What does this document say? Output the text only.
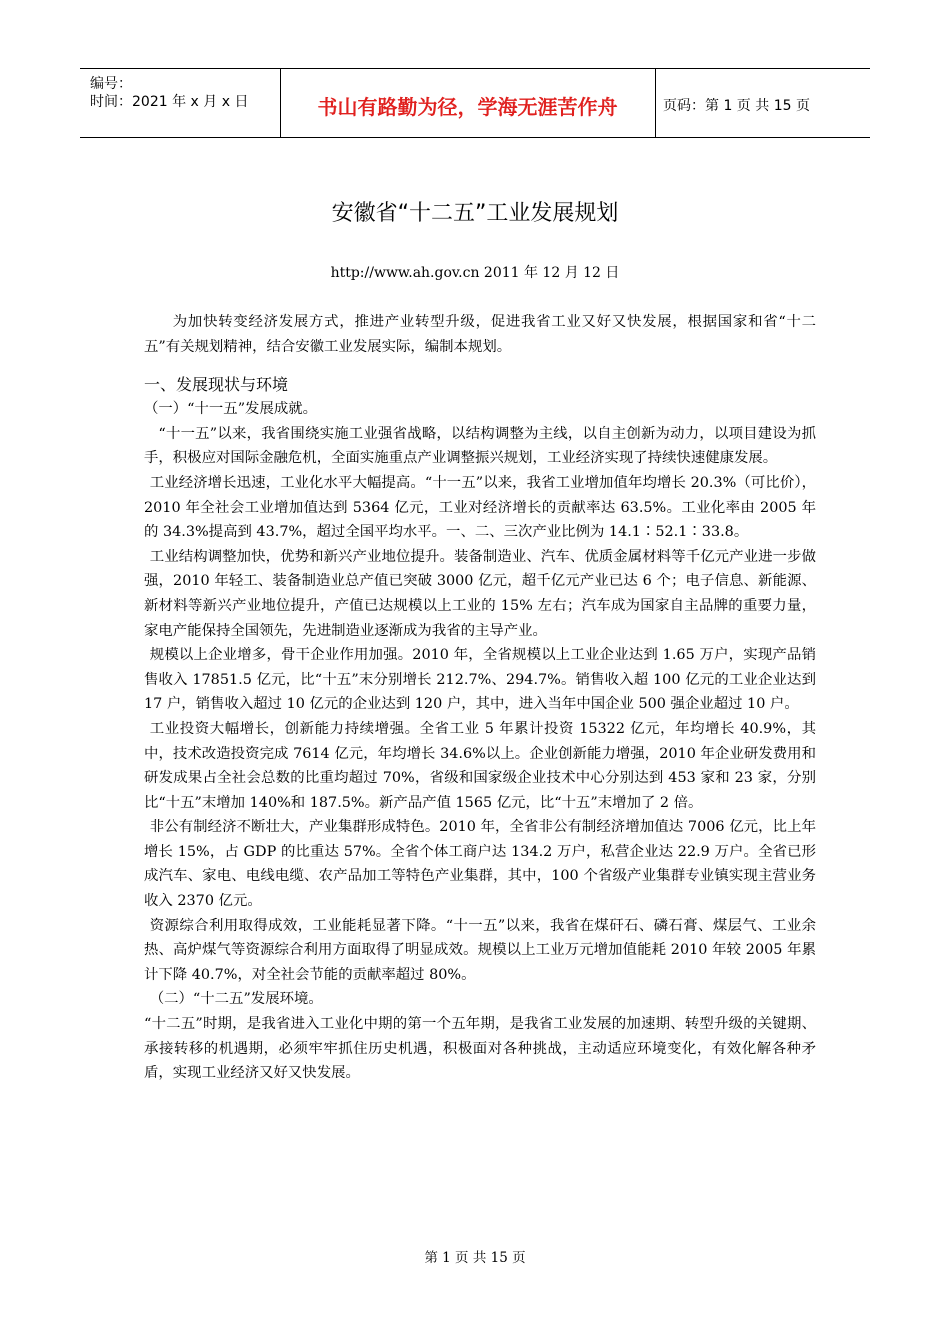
编号：
时间：2021 年 x 月 x 日	书山有路勤为径，学海无涯苦作舟	页码：第 1 页 共 15 页
安徽省“十二五”工业发展规划
http://www.ah.gov.cn 2011 年 12 月 12 日

为加快转变经济发展方式，推进产业转型升级，促进我省工业又好又快发展，根据国家和省“十二五”有关规划精神，结合安徽工业发展实际，编制本规划。

一、发展现状与环境

（一）“十一五”发展成就。

“十一五”以来，我省围绕实施工业强省战略，以结构调整为主线，以自主创新为动力，以项目建设为抓手，积极应对国际金融危机，全面实施重点产业调整振兴规划，工业经济实现了持续快速健康发展。

工业经济增长迅速，工业化水平大幅提高。“十一五”以来，我省工业增加值年均增长 20.3%（可比价），2010 年全社会工业增加值达到 5364 亿元，工业对经济增长的贡献率达 63.5%。工业化率由 2005 年的 34.3%提高到 43.7%，超过全国平均水平。一、二、三次产业比例为 14.1∶52.1∶33.8。

工业结构调整加快，优势和新兴产业地位提升。装备制造业、汽车、优质金属材料等千亿元产业进一步做强，2010 年轻工、装备制造业总产值已突破 3000 亿元，超千亿元产业已达 6 个；电子信息、新能源、新材料等新兴产业地位提升，产值已达规模以上工业的 15% 左右；汽车成为国家自主品牌的重要力量，家电产能保持全国领先，先进制造业逐渐成为我省的主导产业。

规模以上企业增多，骨干企业作用加强。2010 年，全省规模以上工业企业达到 1.65 万户，实现产品销售收入 17851.5 亿元，比“十五”末分别增长 212.7%、294.7%。销售收入超 100 亿元的工业企业达到 17 户，销售收入超过 10 亿元的企业达到 120 户，其中，进入当年中国企业 500 强企业超过 10 户。

工业投资大幅增长，创新能力持续增强。全省工业 5 年累计投资 15322 亿元，年均增长 40.9%，其中，技术改造投资完成 7614 亿元，年均增长 34.6%以上。企业创新能力增强，2010 年企业研发费用和研发成果占全社会总数的比重均超过 70%，省级和国家级企业技术中心分别达到 453 家和 23 家，分别比“十五”末增加 140%和 187.5%。新产品产值 1565 亿元，比“十五”末增加了 2 倍。

非公有制经济不断壮大，产业集群形成特色。2010 年，全省非公有制经济增加值达 7006 亿元，比上年增长 15%，占 GDP 的比重达 57%。全省个体工商户达 134.2 万户，私营企业达 22.9 万户。全省已形成汽车、家电、电线电缆、农产品加工等特色产业集群，其中，100 个省级产业集群专业镇实现主营业务收入 2370 亿元。

资源综合利用取得成效，工业能耗显著下降。“十一五”以来，我省在煤矸石、磷石膏、煤层气、工业余热、高炉煤气等资源综合利用方面取得了明显成效。规模以上工业万元增加值能耗 2010 年较 2005 年累计下降 40.7%，对全社会节能的贡献率超过 80%。

（二）“十二五”发展环境。

“十二五”时期，是我省进入工业化中期的第一个五年期，是我省工业发展的加速期、转型升级的关键期、承接转移的机遇期，必须牢牢抓住历史机遇，积极面对各种挑战，主动适应环境变化，有效化解各种矛盾，实现工业经济又好又快发展。

第 1 页 共 15 页
